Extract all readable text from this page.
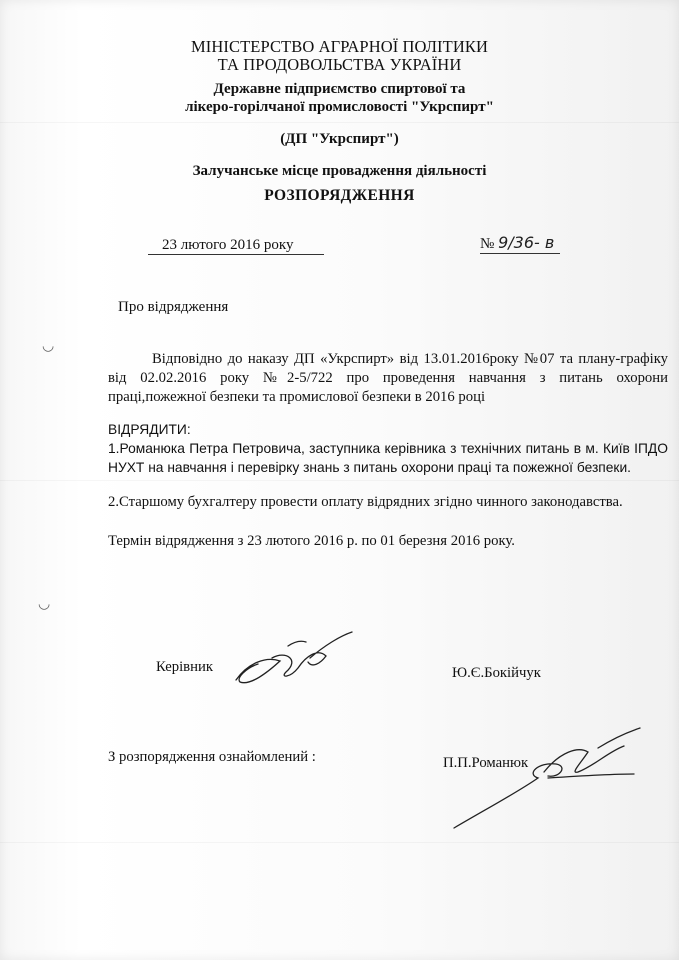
◡
◡
МІНІСТЕРСТВО АГРАРНОЇ ПОЛІТИКИ
ТА ПРОДОВОЛЬСТВА УКРАЇНИ
Державне підприємство спиртової та
лікеро-горілчаної промисловості "Укрспирт"
(ДП "Укрспирт")
Залучанське місце провадження діяльності
РОЗПОРЯДЖЕННЯ
23 лютого 2016 року	№ 9/36- в
Про відрядження

Відповідно до наказу ДП «Укрспирт» від 13.01.2016року №07 та плану-графіку від 02.02.2016 року №2-5/722 про проведення навчання з питань охорони праці,пожежної безпеки та промислової безпеки в 2016 році

ВІДРЯДИТИ:

1.Романюка Петра Петровича, заступника керівника з технічних питань в м. Київ ІПДО НУХТ на навчання і перевірку знань з питань охорони праці та пожежної безпеки.

2.Старшому бухгалтеру провести оплату відрядних згідно чинного законодавства.

Термін відрядження з 23 лютого 2016 р. по 01 березня 2016 року.

Керівник	Ю.Є.Бокійчук
З розпорядження ознайомлений :	П.П.Романюк
